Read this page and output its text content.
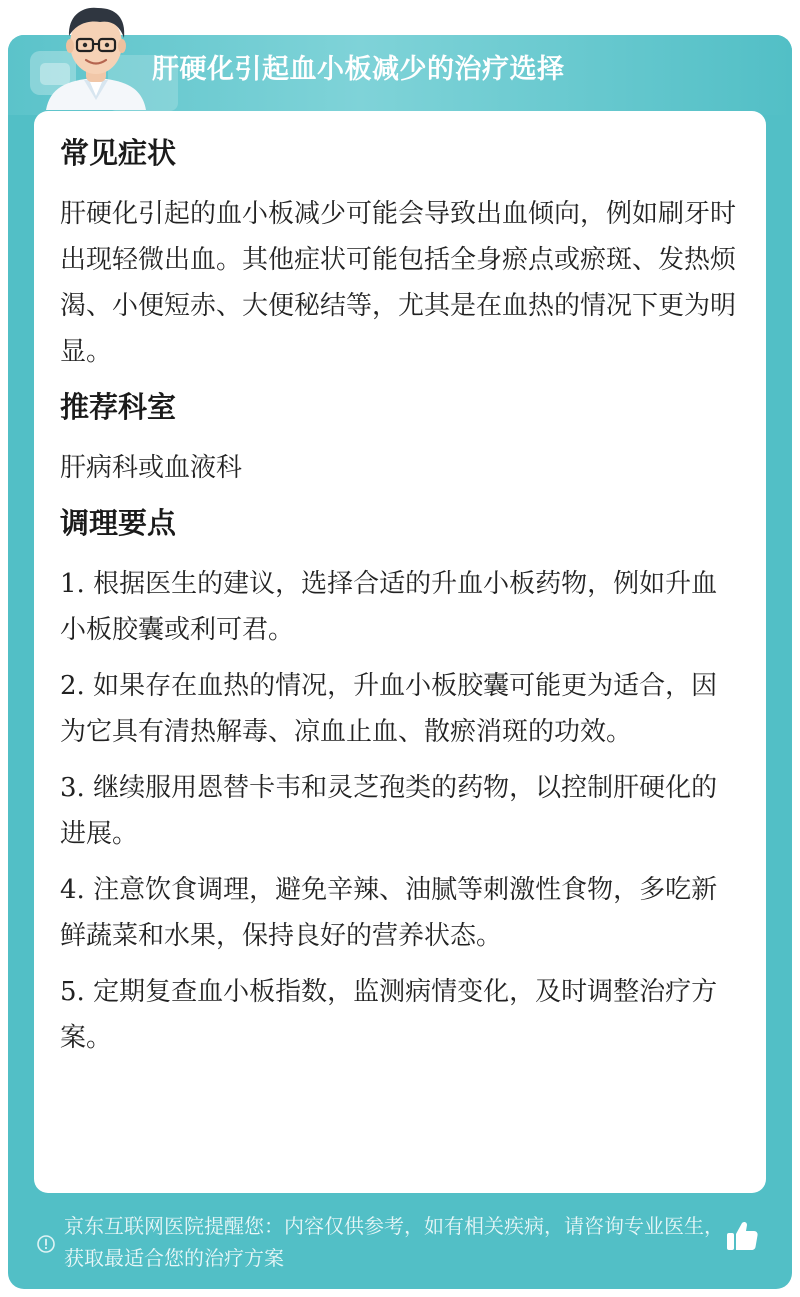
肝硬化引起血小板减少的治疗选择
常见症状

肝硬化引起的血小板减少可能会导致出血倾向，例如刷牙时出现轻微出血。其他症状可能包括全身瘀点或瘀斑、发热烦渴、小便短赤、大便秘结等，尤其是在血热的情况下更为明显。

推荐科室

肝病科或血液科

调理要点

1. 根据医生的建议，选择合适的升血小板药物，例如升血小板胶囊或利可君。

2. 如果存在血热的情况，升血小板胶囊可能更为适合，因为它具有清热解毒、凉血止血、散瘀消斑的功效。

3. 继续服用恩替卡韦和灵芝孢类的药物，以控制肝硬化的进展。

4. 注意饮食调理，避免辛辣、油腻等刺激性食物，多吃新鲜蔬菜和水果，保持良好的营养状态。

5. 定期复查血小板指数，监测病情变化，及时调整治疗方案。

京东互联网医院提醒您：内容仅供参考，如有相关疾病，请咨询专业医生，获取最适合您的治疗方案
